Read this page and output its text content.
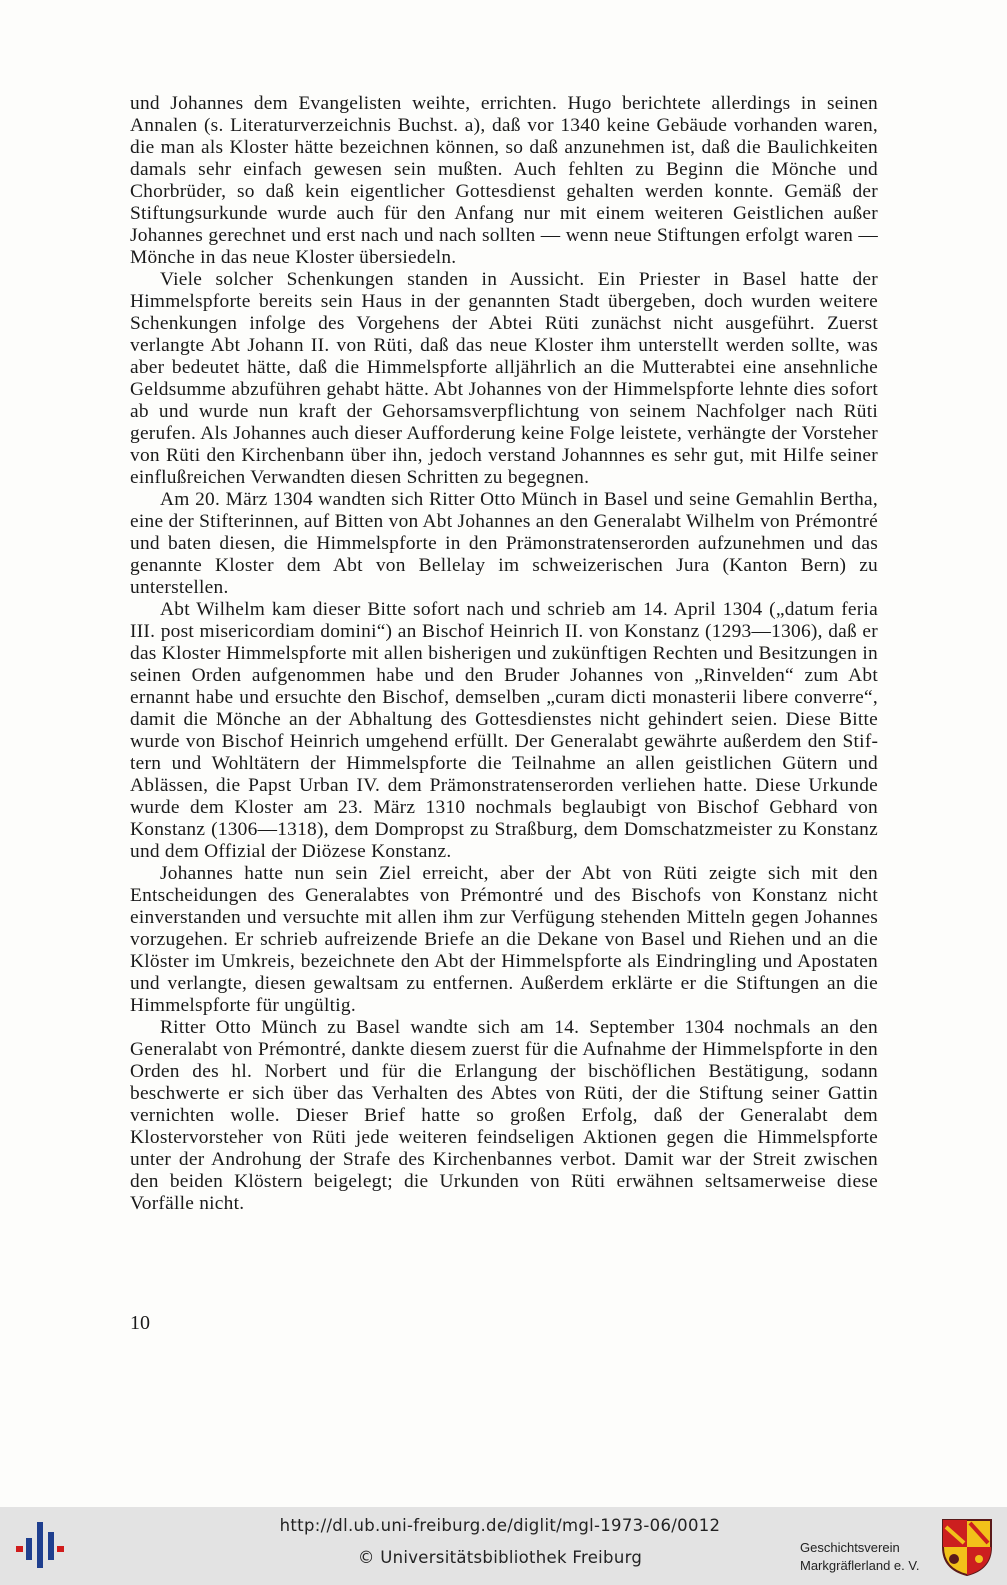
und Johannes dem Evangelisten weihte, errichten. Hugo berichtete allerdings in seinen Annalen (s. Literaturverzeichnis Buchst. a), daß vor 1340 keine Gebäude vorhanden waren, die man als Kloster hätte bezeichnen können, so daß anzunehmen ist, daß die Baulichkeiten damals sehr einfach gewesen sein mußten. Auch fehlten zu Beginn die Mönche und Chorbrüder, so daß kein eigentlicher Gottesdienst gehalten werden konnte. Gemäß der Stiftungsurkunde wurde auch für den Anfang nur mit einem weiteren Geistlichen außer Johannes gerechnet und erst nach und nach sollten — wenn neue Stiftungen erfolgt waren — Mönche in das neue Kloster übersiedeln.

Viele solcher Schenkungen standen in Aussicht. Ein Priester in Basel hatte der Himmelspforte bereits sein Haus in der genannten Stadt übergeben, doch wurden weitere Schenkungen infolge des Vorgehens der Abtei Rüti zunächst nicht ausgeführt. Zuerst verlangte Abt Johann II. von Rüti, daß das neue Kloster ihm unterstellt werden sollte, was aber bedeutet hätte, daß die Himmelspforte alljährlich an die Mutterabtei eine ansehnliche Geldsumme abzuführen gehabt hätte. Abt Johannes von der Himmelspforte lehnte dies sofort ab und wurde nun kraft der Gehorsamsverpflichtung von seinem Nachfolger nach Rüti gerufen. Als Johannes auch dieser Aufforderung keine Folge leistete, verhängte der Vorsteher von Rüti den Kirchenbann über ihn, jedoch verstand Johannnes es sehr gut, mit Hilfe seiner einflußreichen Verwandten diesen Schritten zu begegnen.

Am 20. März 1304 wandten sich Ritter Otto Münch in Basel und seine Gemahlin Bertha, eine der Stifterinnen, auf Bitten von Abt Johannes an den Generalabt Wilhelm von Prémontré und baten diesen, die Himmelspforte in den Prämonstratenserorden aufzunehmen und das genannte Kloster dem Abt von Bellelay im schweizerischen Jura (Kanton Bern) zu unterstellen.

Abt Wilhelm kam dieser Bitte sofort nach und schrieb am 14. April 1304 („datum feria III. post misericordiam domini“) an Bischof Heinrich II. von Konstanz (1293—1306), daß er das Kloster Himmelspforte mit allen bisherigen und zukünftigen Rechten und Besitzungen in seinen Orden aufgenommen habe und den Bruder Johannes von „Rinvelden“ zum Abt ernannt habe und ersuchte den Bischof, demselben „curam dicti monasterii libere converre“, damit die Mönche an der Abhaltung des Gottesdienstes nicht gehindert seien. Diese Bitte wurde von Bischof Heinrich umgehend erfüllt. Der Generalabt gewährte außerdem den Stiftern und Wohltätern der Himmelspforte die Teilnahme an allen geistlichen Gütern und Ablässen, die Papst Urban IV. dem Prämonstratenserorden verliehen hatte. Diese Urkunde wurde dem Kloster am 23. März 1310 nochmals beglaubigt von Bischof Gebhard von Konstanz (1306—1318), dem Dompropst zu Straßburg, dem Domschatzmeister zu Konstanz und dem Offizial der Diözese Konstanz.

Johannes hatte nun sein Ziel erreicht, aber der Abt von Rüti zeigte sich mit den Entscheidungen des Generalabtes von Prémontré und des Bischofs von Konstanz nicht einverstanden und versuchte mit allen ihm zur Verfügung stehenden Mitteln gegen Johannes vorzugehen. Er schrieb aufreizende Briefe an die Dekane von Basel und Riehen und an die Klöster im Umkreis, bezeichnete den Abt der Himmelspforte als Eindringling und Apostaten und verlangte, diesen gewaltsam zu entfernen. Außerdem erklärte er die Stiftungen an die Himmelspforte für ungültig.

Ritter Otto Münch zu Basel wandte sich am 14. September 1304 nochmals an den Generalabt von Prémontré, dankte diesem zuerst für die Aufnahme der Himmelspforte in den Orden des hl. Norbert und für die Erlangung der bischöflichen Bestätigung, sodann beschwerte er sich über das Verhalten des Abtes von Rüti, der die Stiftung seiner Gattin vernichten wolle. Dieser Brief hatte so großen Erfolg, daß der Generalabt dem Klostervorsteher von Rüti jede weiteren feindseligen Aktionen gegen die Himmelspforte unter der Androhung der Strafe des Kirchenbannes verbot. Damit war der Streit zwischen den beiden Klöstern beigelegt; die Urkunden von Rüti erwähnen seltsamerweise diese Vorfälle nicht.

10
http://dl.ub.uni-freiburg.de/diglit/mgl-1973-06/0012
© Universitätsbibliothek Freiburg
Geschichtsverein
Markgräflerland e. V.
